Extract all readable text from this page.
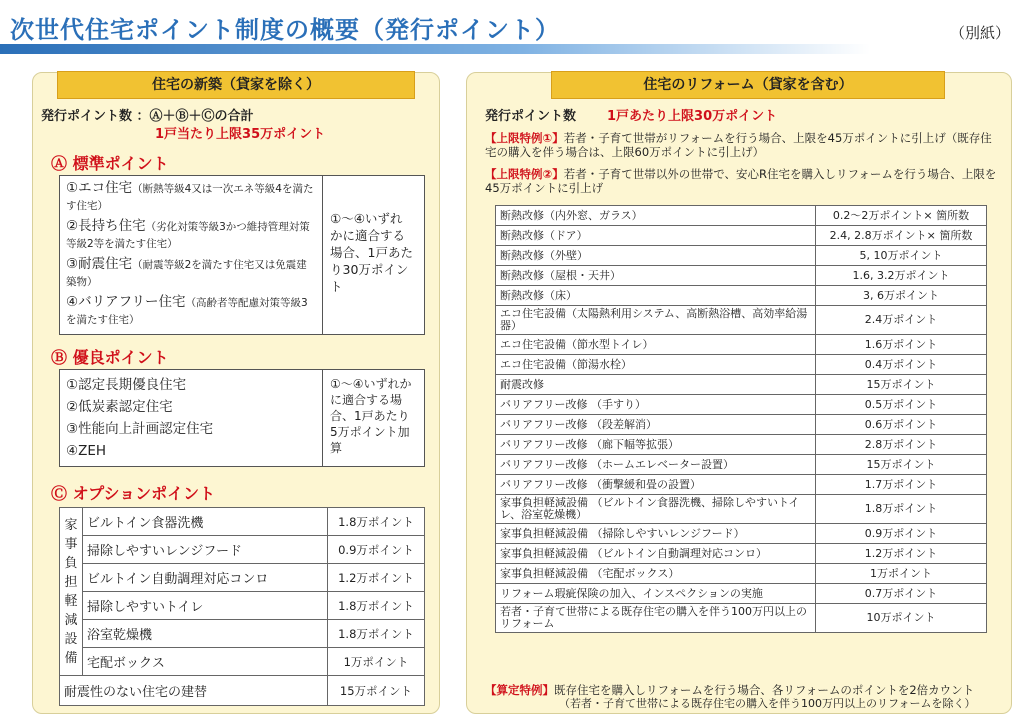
次世代住宅ポイント制度の概要（発行ポイント）	（別紙）
住宅の新築（貸家を除く）
発行ポイント数 ：Ⓐ＋Ⓑ＋Ⓒの合計
1戸当たり上限35万ポイント
Ⓐ 標準ポイント
①エコ住宅（断熱等級4又は一次エネ等級4を満たす住宅）
②長持ち住宅（劣化対策等級3かつ維持管理対策等級2等を満たす住宅）
③耐震住宅（耐震等級2を満たす住宅又は免震建築物）
④バリアフリー住宅（高齢者等配慮対策等級3を満たす住宅）
①～④いずれかに適合する場合、1戸あたり30万ポイント
Ⓑ 優良ポイント
①認定長期優良住宅
②低炭素認定住宅
③性能向上計画認定住宅
④ZEH
①～④いずれかに適合する場合、1戸あたり5万ポイント加算
Ⓒ オプションポイント
家事負担軽減設備	ビルトイン食器洗機	1.8万ポイント
	掃除しやすいレンジフード	0.9万ポイント
	ビルトイン自動調理対応コンロ	1.2万ポイント
	掃除しやすいトイレ	1.8万ポイント
	浴室乾燥機	1.8万ポイント
	宅配ボックス	1万ポイント
耐震性のない住宅の建替		15万ポイント
住宅のリフォーム（貸家を含む）
発行ポイント数 1戸あたり上限30万ポイント
【上限特例①】若者・子育て世帯がリフォームを行う場合、上限を45万ポイントに引上げ（既存住宅の購入を伴う場合は、上限60万ポイントに引上げ）
【上限特例②】若者・子育て世帯以外の世帯で、安心R住宅を購入しリフォームを行う場合、上限を45万ポイントに引上げ
断熱改修（内外窓、ガラス）	0.2～2万ポイント× 箇所数
断熱改修（ドア）	2.4, 2.8万ポイント× 箇所数
断熱改修（外壁）	5, 10万ポイント
断熱改修（屋根・天井）	1.6, 3.2万ポイント
断熱改修（床）	3, 6万ポイント
エコ住宅設備（太陽熱利用システム、高断熱浴槽、高効率給湯器）	2.4万ポイント
エコ住宅設備（節水型トイレ）	1.6万ポイント
エコ住宅設備（節湯水栓）	0.4万ポイント
耐震改修	15万ポイント
バリアフリー改修 （手すり）	0.5万ポイント
バリアフリー改修 （段差解消）	0.6万ポイント
バリアフリー改修 （廊下幅等拡張）	2.8万ポイント
バリアフリー改修 （ホームエレベーター設置）	15万ポイント
バリアフリー改修 （衝撃緩和畳の設置）	1.7万ポイント
家事負担軽減設備 （ビルトイン食器洗機、掃除しやすいトイレ、浴室乾燥機）	1.8万ポイント
家事負担軽減設備 （掃除しやすいレンジフード）	0.9万ポイント
家事負担軽減設備 （ビルトイン自動調理対応コンロ）	1.2万ポイント
家事負担軽減設備 （宅配ボックス）	1万ポイント
リフォーム瑕疵保険の加入、インスペクションの実施	0.7万ポイント
若者・子育て世帯による既存住宅の購入を伴う100万円以上のリフォーム	10万ポイント
【算定特例】既存住宅を購入しリフォームを行う場合、各リフォームのポイントを2倍カウント
（若者・子育て世帯による既存住宅の購入を伴う100万円以上のリフォームを除く）
